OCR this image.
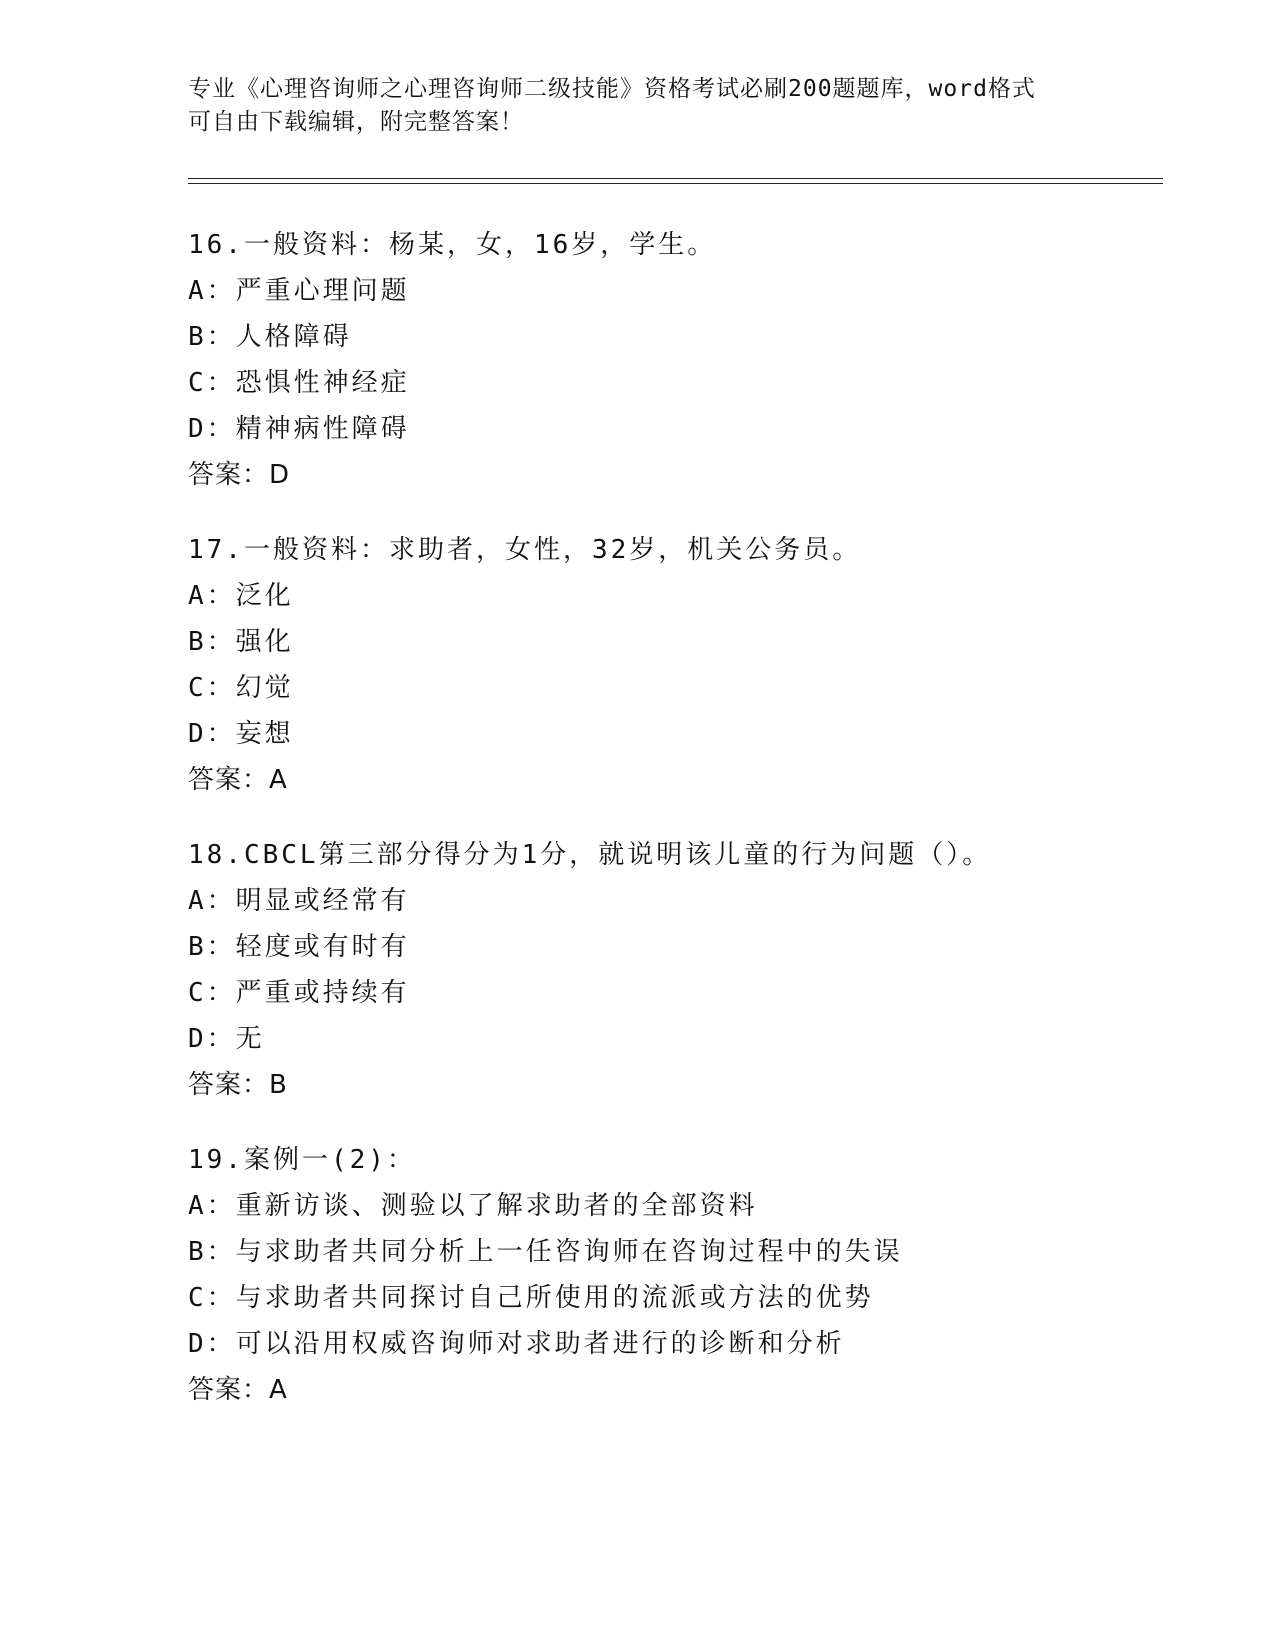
专业《心理咨询师之心理咨询师二级技能》资格考试必刷200题题库，word格式
可自由下载编辑，附完整答案！
16.一般资料：杨某，女，16岁，学生。
A：严重心理问题
B：人格障碍
C：恐惧性神经症
D：精神病性障碍
答案：D
17.一般资料：求助者，女性，32岁，机关公务员。
A：泛化
B：强化
C：幻觉
D：妄想
答案：A
18.CBCL第三部分得分为1分，就说明该儿童的行为问题（）。
A：明显或经常有
B：轻度或有时有
C：严重或持续有
D：无
答案：B
19.案例一(2)：
A：重新访谈、测验以了解求助者的全部资料
B：与求助者共同分析上一任咨询师在咨询过程中的失误
C：与求助者共同探讨自己所使用的流派或方法的优势
D：可以沿用权威咨询师对求助者进行的诊断和分析
答案：A
